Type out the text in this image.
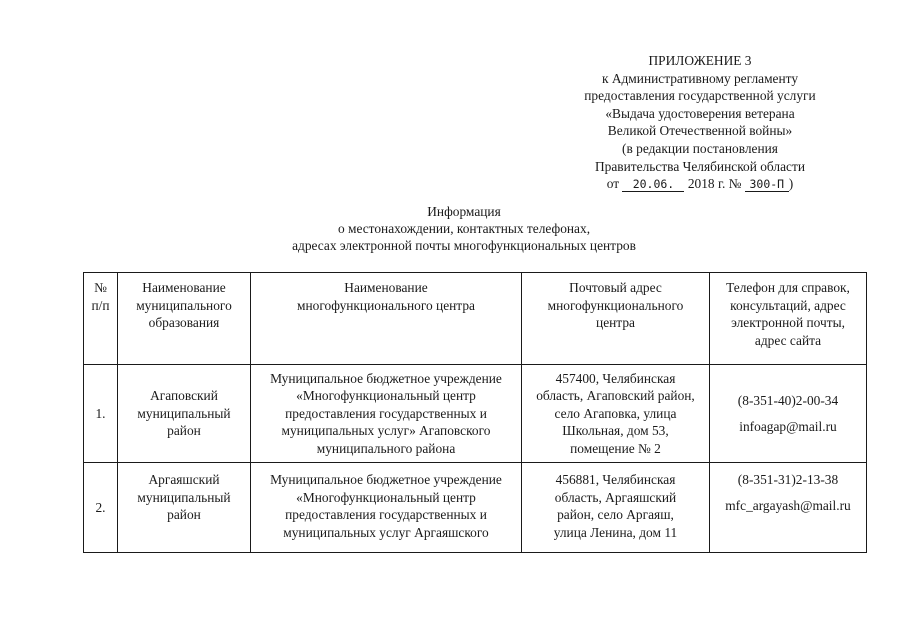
ПРИЛОЖЕНИЕ 3
к Административному регламенту
предоставления государственной услуги
«Выдача удостоверения ветерана
Великой Отечественной войны»
(в редакции постановления
Правительства Челябинской области
от 20.06. 2018 г. № 300-П )
Информация
о местонахождении, контактных телефонах,
адресах электронной почты многофункциональных центров
№
п/п	Наименование
муниципального
образования	Наименование
многофункционального центра	Почтовый адрес
многофункционального
центра	Телефон для справок,
консультаций, адрес
электронной почты,
адрес сайта

1.	Агаповский
муниципальный
район	Муниципальное бюджетное учреждение
«Многофункциональный центр
предоставления государственных и
муниципальных услуг» Агаповского
муниципального района	457400, Челябинская
область, Агаповский район,
село Агаповка, улица
Школьная, дом 53,
помещение № 2	(8-351-40)2-00-34
infoagap@mail.ru

2.	Аргаяшский
муниципальный
район	Муниципальное бюджетное учреждение
«Многофункциональный центр
предоставления государственных и
муниципальных услуг Аргаяшского	456881, Челябинская
область, Аргаяшский
район, село Аргаяш,
улица Ленина, дом 11	(8-351-31)2-13-38
mfc_argayash@mail.ru
